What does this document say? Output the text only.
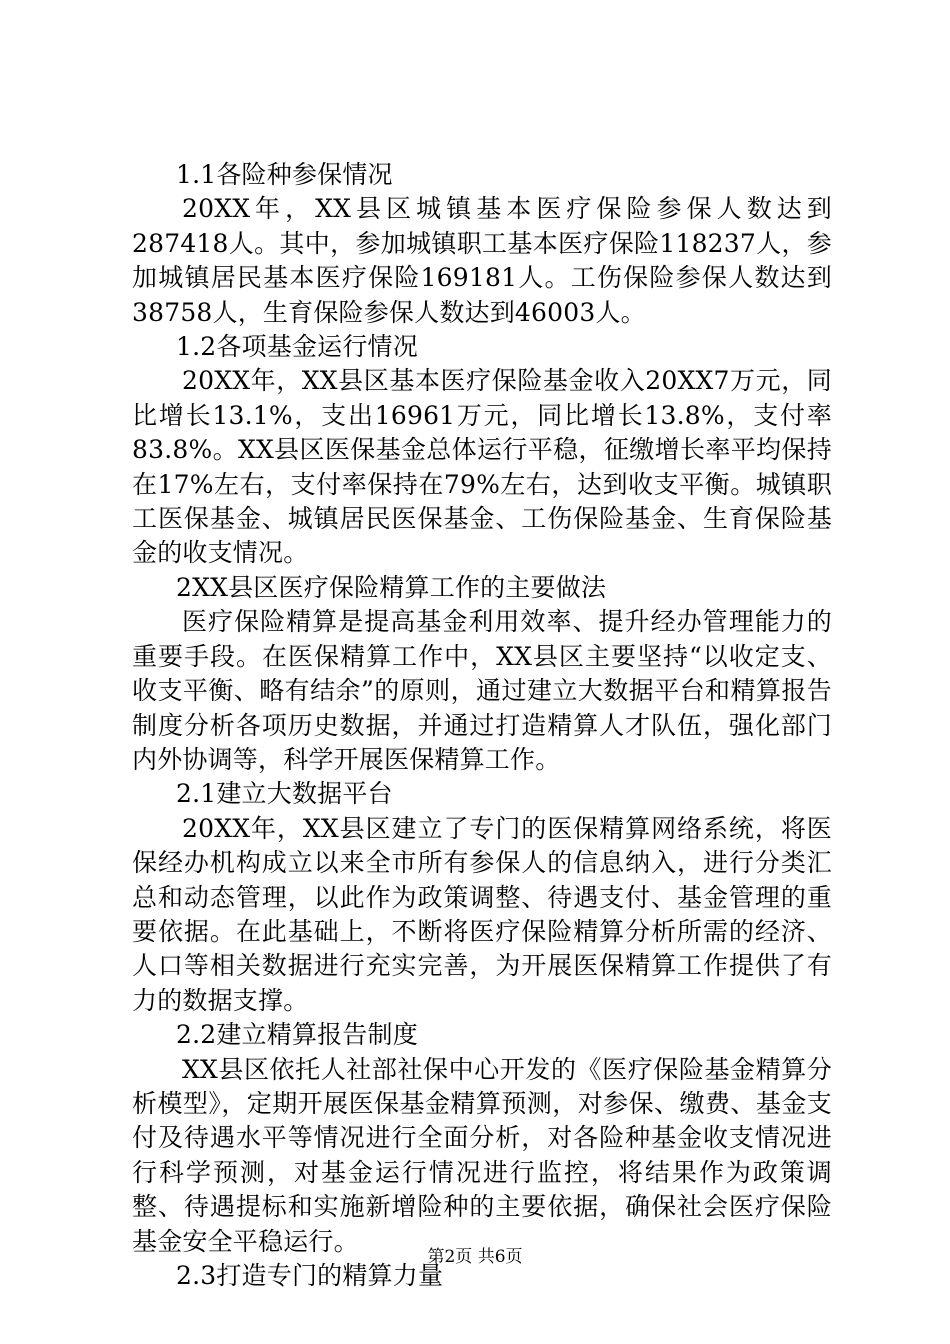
1.1各险种参保情况

20XX年，XX县区城镇基本医疗保险参保人数达到287418人。其中，参加城镇职工基本医疗保险118237人，参加城镇居民基本医疗保险169181人。工伤保险参保人数达到38758人，生育保险参保人数达到46003人。

1.2各项基金运行情况

20XX年，XX县区基本医疗保险基金收入20XX7万元，同比增长13.1%，支出16961万元，同比增长13.8%，支付率83.8%。XX县区医保基金总体运行平稳，征缴增长率平均保持在17%左右，支付率保持在79%左右，达到收支平衡。城镇职工医保基金、城镇居民医保基金、工伤保险基金、生育保险基金的收支情况。

2XX县区医疗保险精算工作的主要做法

医疗保险精算是提高基金利用效率、提升经办管理能力的重要手段。在医保精算工作中，XX县区主要坚持“以收定支、收支平衡、略有结余”的原则，通过建立大数据平台和精算报告制度分析各项历史数据，并通过打造精算人才队伍，强化部门内外协调等，科学开展医保精算工作。

2.1建立大数据平台

20XX年，XX县区建立了专门的医保精算网络系统，将医保经办机构成立以来全市所有参保人的信息纳入，进行分类汇总和动态管理，以此作为政策调整、待遇支付、基金管理的重要依据。在此基础上，不断将医疗保险精算分析所需的经济、人口等相关数据进行充实完善，为开展医保精算工作提供了有力的数据支撑。

2.2建立精算报告制度

XX县区依托人社部社保中心开发的《医疗保险基金精算分析模型》，定期开展医保基金精算预测，对参保、缴费、基金支付及待遇水平等情况进行全面分析，对各险种基金收支情况进行科学预测，对基金运行情况进行监控，将结果作为政策调整、待遇提标和实施新增险种的主要依据，确保社会医疗保险基金安全平稳运行。

2.3打造专门的精算力量

第2页 共6页
